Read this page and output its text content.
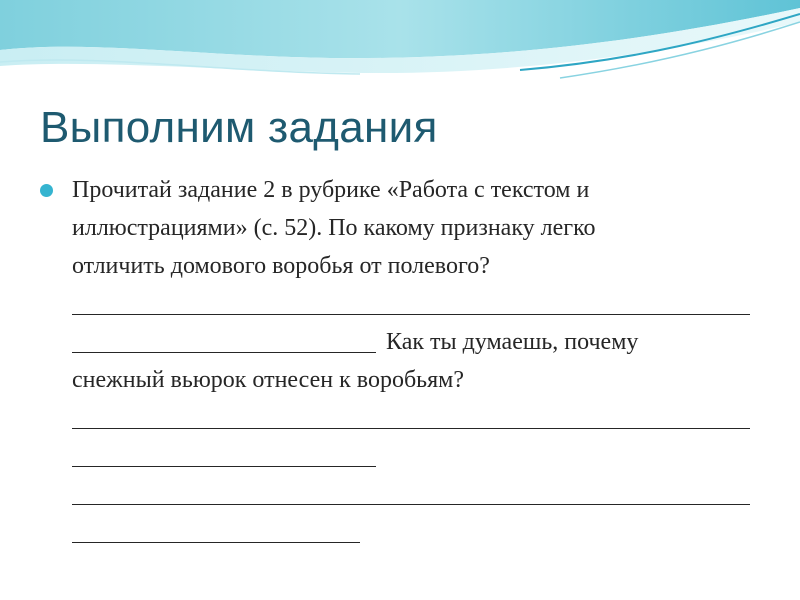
Выполним задания
Прочитай задание 2 в рубрике «Работа с текстом и
иллюстрациями» (с. 52). По какому признаку легко
отличить домового воробья от полевого?
Как ты думаешь, почему
снежный вьюрок отнесен к воробьям?
